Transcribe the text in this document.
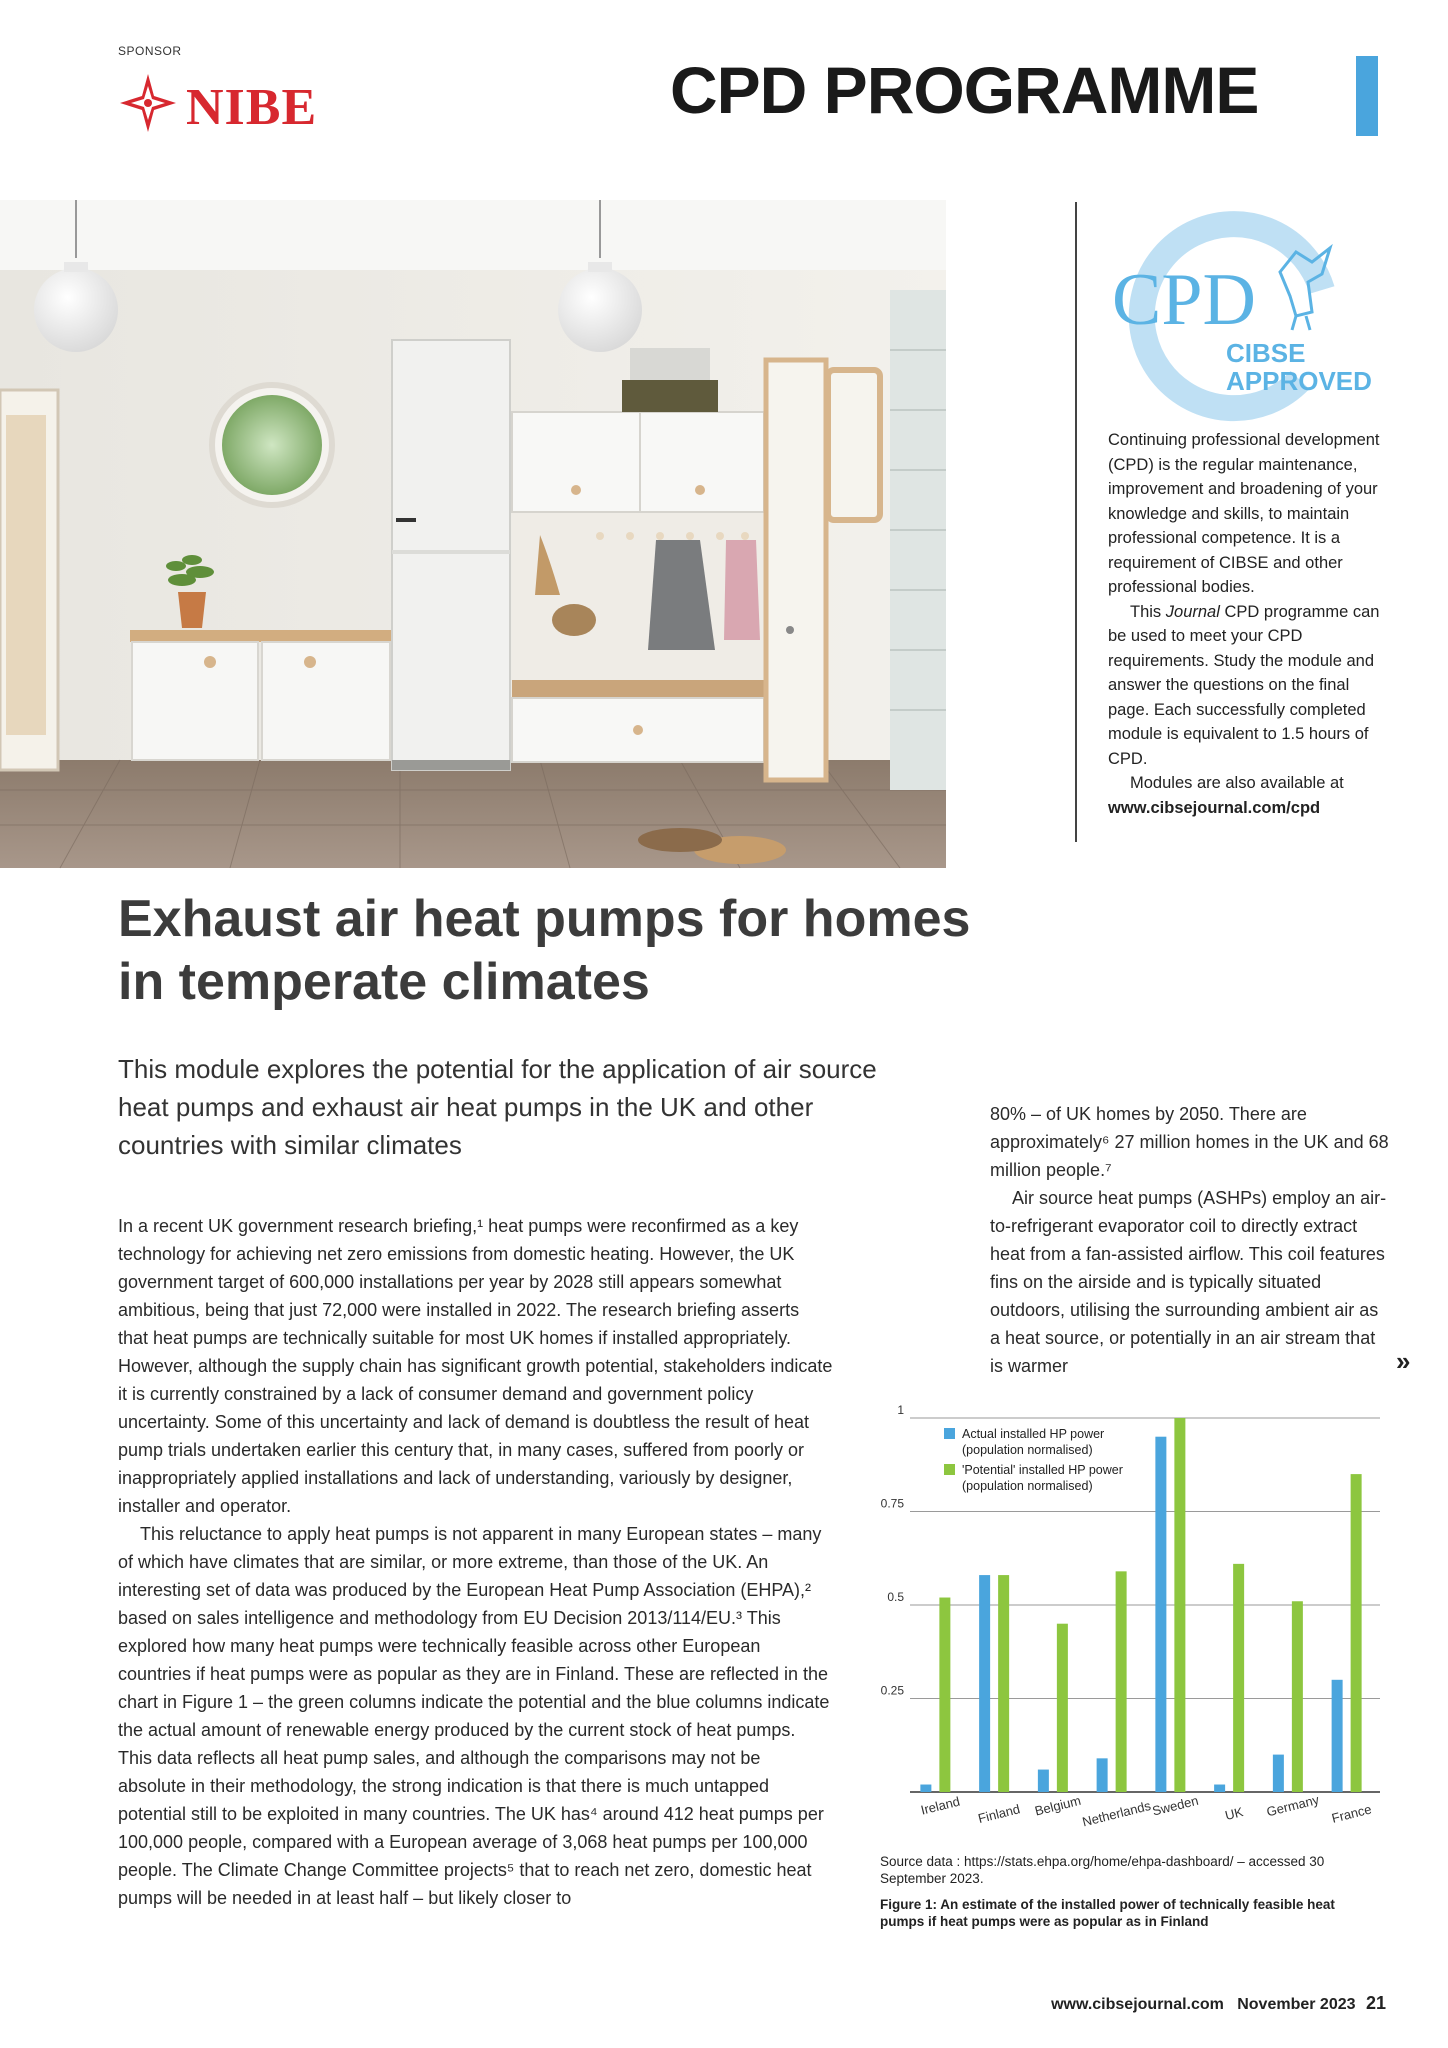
SPONSOR
NIBE	CPD PROGRAMME
CPD
CIBSE
APPROVED

Continuing professional development (CPD) is the regular maintenance, improvement and broadening of your knowledge and skills, to maintain professional competence. It is a requirement of CIBSE and other professional bodies.

This Journal CPD programme can be used to meet your CPD requirements. Study the module and answer the questions on the final page. Each successfully completed module is equivalent to 1.5 hours of CPD.

Modules are also available at

www.cibsejournal.com/cpd

Exhaust air heat pumps for homes in temperate climates

This module explores the potential for the application of air source heat pumps and exhaust air heat pumps in the UK and other countries with similar climates

In a recent UK government research briefing,¹ heat pumps were reconfirmed as a key technology for achieving net zero emissions from domestic heating. However, the UK government target of 600,000 installations per year by 2028 still appears somewhat ambitious, being that just 72,000 were installed in 2022. The research briefing asserts that heat pumps are technically suitable for most UK homes if installed appropriately. However, although the supply chain has significant growth potential, stakeholders indicate it is currently constrained by a lack of consumer demand and government policy uncertainty. Some of this uncertainty and lack of demand is doubtless the result of heat pump trials undertaken earlier this century that, in many cases, suffered from poorly or inappropriately applied installations and lack of understanding, variously by designer, installer and operator.

This reluctance to apply heat pumps is not apparent in many European states – many of which have climates that are similar, or more extreme, than those of the UK. An interesting set of data was produced by the European Heat Pump Association (EHPA),² based on sales intelligence and methodology from EU Decision 2013/114/EU.³ This explored how many heat pumps were technically feasible across other European countries if heat pumps were as popular as they are in Finland. These are reflected in the chart in Figure 1 – the green columns indicate the potential and the blue columns indicate the actual amount of renewable energy produced by the current stock of heat pumps. This data reflects all heat pump sales, and although the comparisons may not be absolute in their methodology, the strong indication is that there is much untapped potential still to be exploited in many countries. The UK has⁴ around 412 heat pumps per 100,000 people, compared with a European average of 3,068 heat pumps per 100,000 people. The Climate Change Committee projects⁵ that to reach net zero, domestic heat pumps will be needed in at least half – but likely closer to

80% – of UK homes by 2050. There are approximately⁶ 27 million homes in the UK and 68 million people.⁷

Air source heat pumps (ASHPs) employ an air-to-refrigerant evaporator coil to directly extract heat from a fan-assisted airflow. This coil features fins on the airside and is typically situated outdoors, utilising the surrounding ambient air as a heat source, or potentially in an air stream that is warmer	»
0.25
0.5
0.75
1
Ireland Finland Belgium
Netherlands
Sweden UK Germany France
Actual installed HP power
(population normalised)
'Potential' installed HP power
(population normalised)
Source data : https://stats.ehpa.org/home/ehpa-dashboard/ – accessed 30 September 2023.
Figure 1: An estimate of the installed power of technically feasible heat pumps if heat pumps were as popular as in Finland
www.cibsejournal.com November 2023 21
